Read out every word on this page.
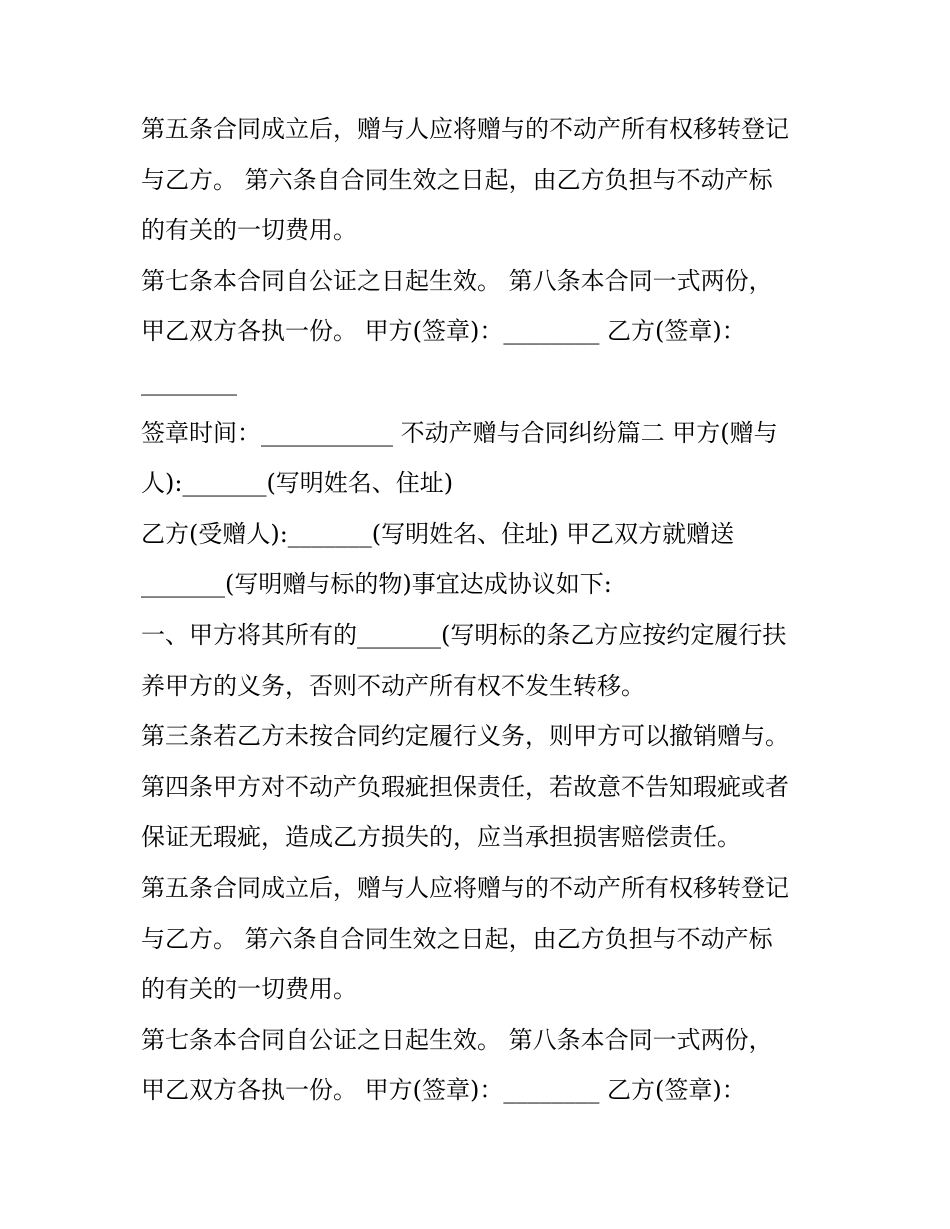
第五条合同成立后，赠与人应将赠与的不动产所有权移转登记
与乙方。 第六条自合同生效之日起，由乙方负担与不动产标
的有关的一切费用。
第七条本合同自公证之日起生效。 第八条本合同一式两份，
甲乙双方各执一份。 甲方(签章)：________ 乙方(签章)：
________
签章时间：___________ 不动产赠与合同纠纷篇二 甲方(赠与
人):_______(写明姓名、住址)
乙方(受赠人):_______(写明姓名、住址) 甲乙双方就赠送
_______(写明赠与标的物)事宜达成协议如下:
一、甲方将其所有的_______(写明标的条乙方应按约定履行扶
养甲方的义务，否则不动产所有权不发生转移。
第三条若乙方未按合同约定履行义务，则甲方可以撤销赠与。
第四条甲方对不动产负瑕疵担保责任，若故意不告知瑕疵或者
保证无瑕疵，造成乙方损失的，应当承担损害赔偿责任。
第五条合同成立后，赠与人应将赠与的不动产所有权移转登记
与乙方。 第六条自合同生效之日起，由乙方负担与不动产标
的有关的一切费用。
第七条本合同自公证之日起生效。 第八条本合同一式两份，
甲乙双方各执一份。 甲方(签章)：________ 乙方(签章)：
